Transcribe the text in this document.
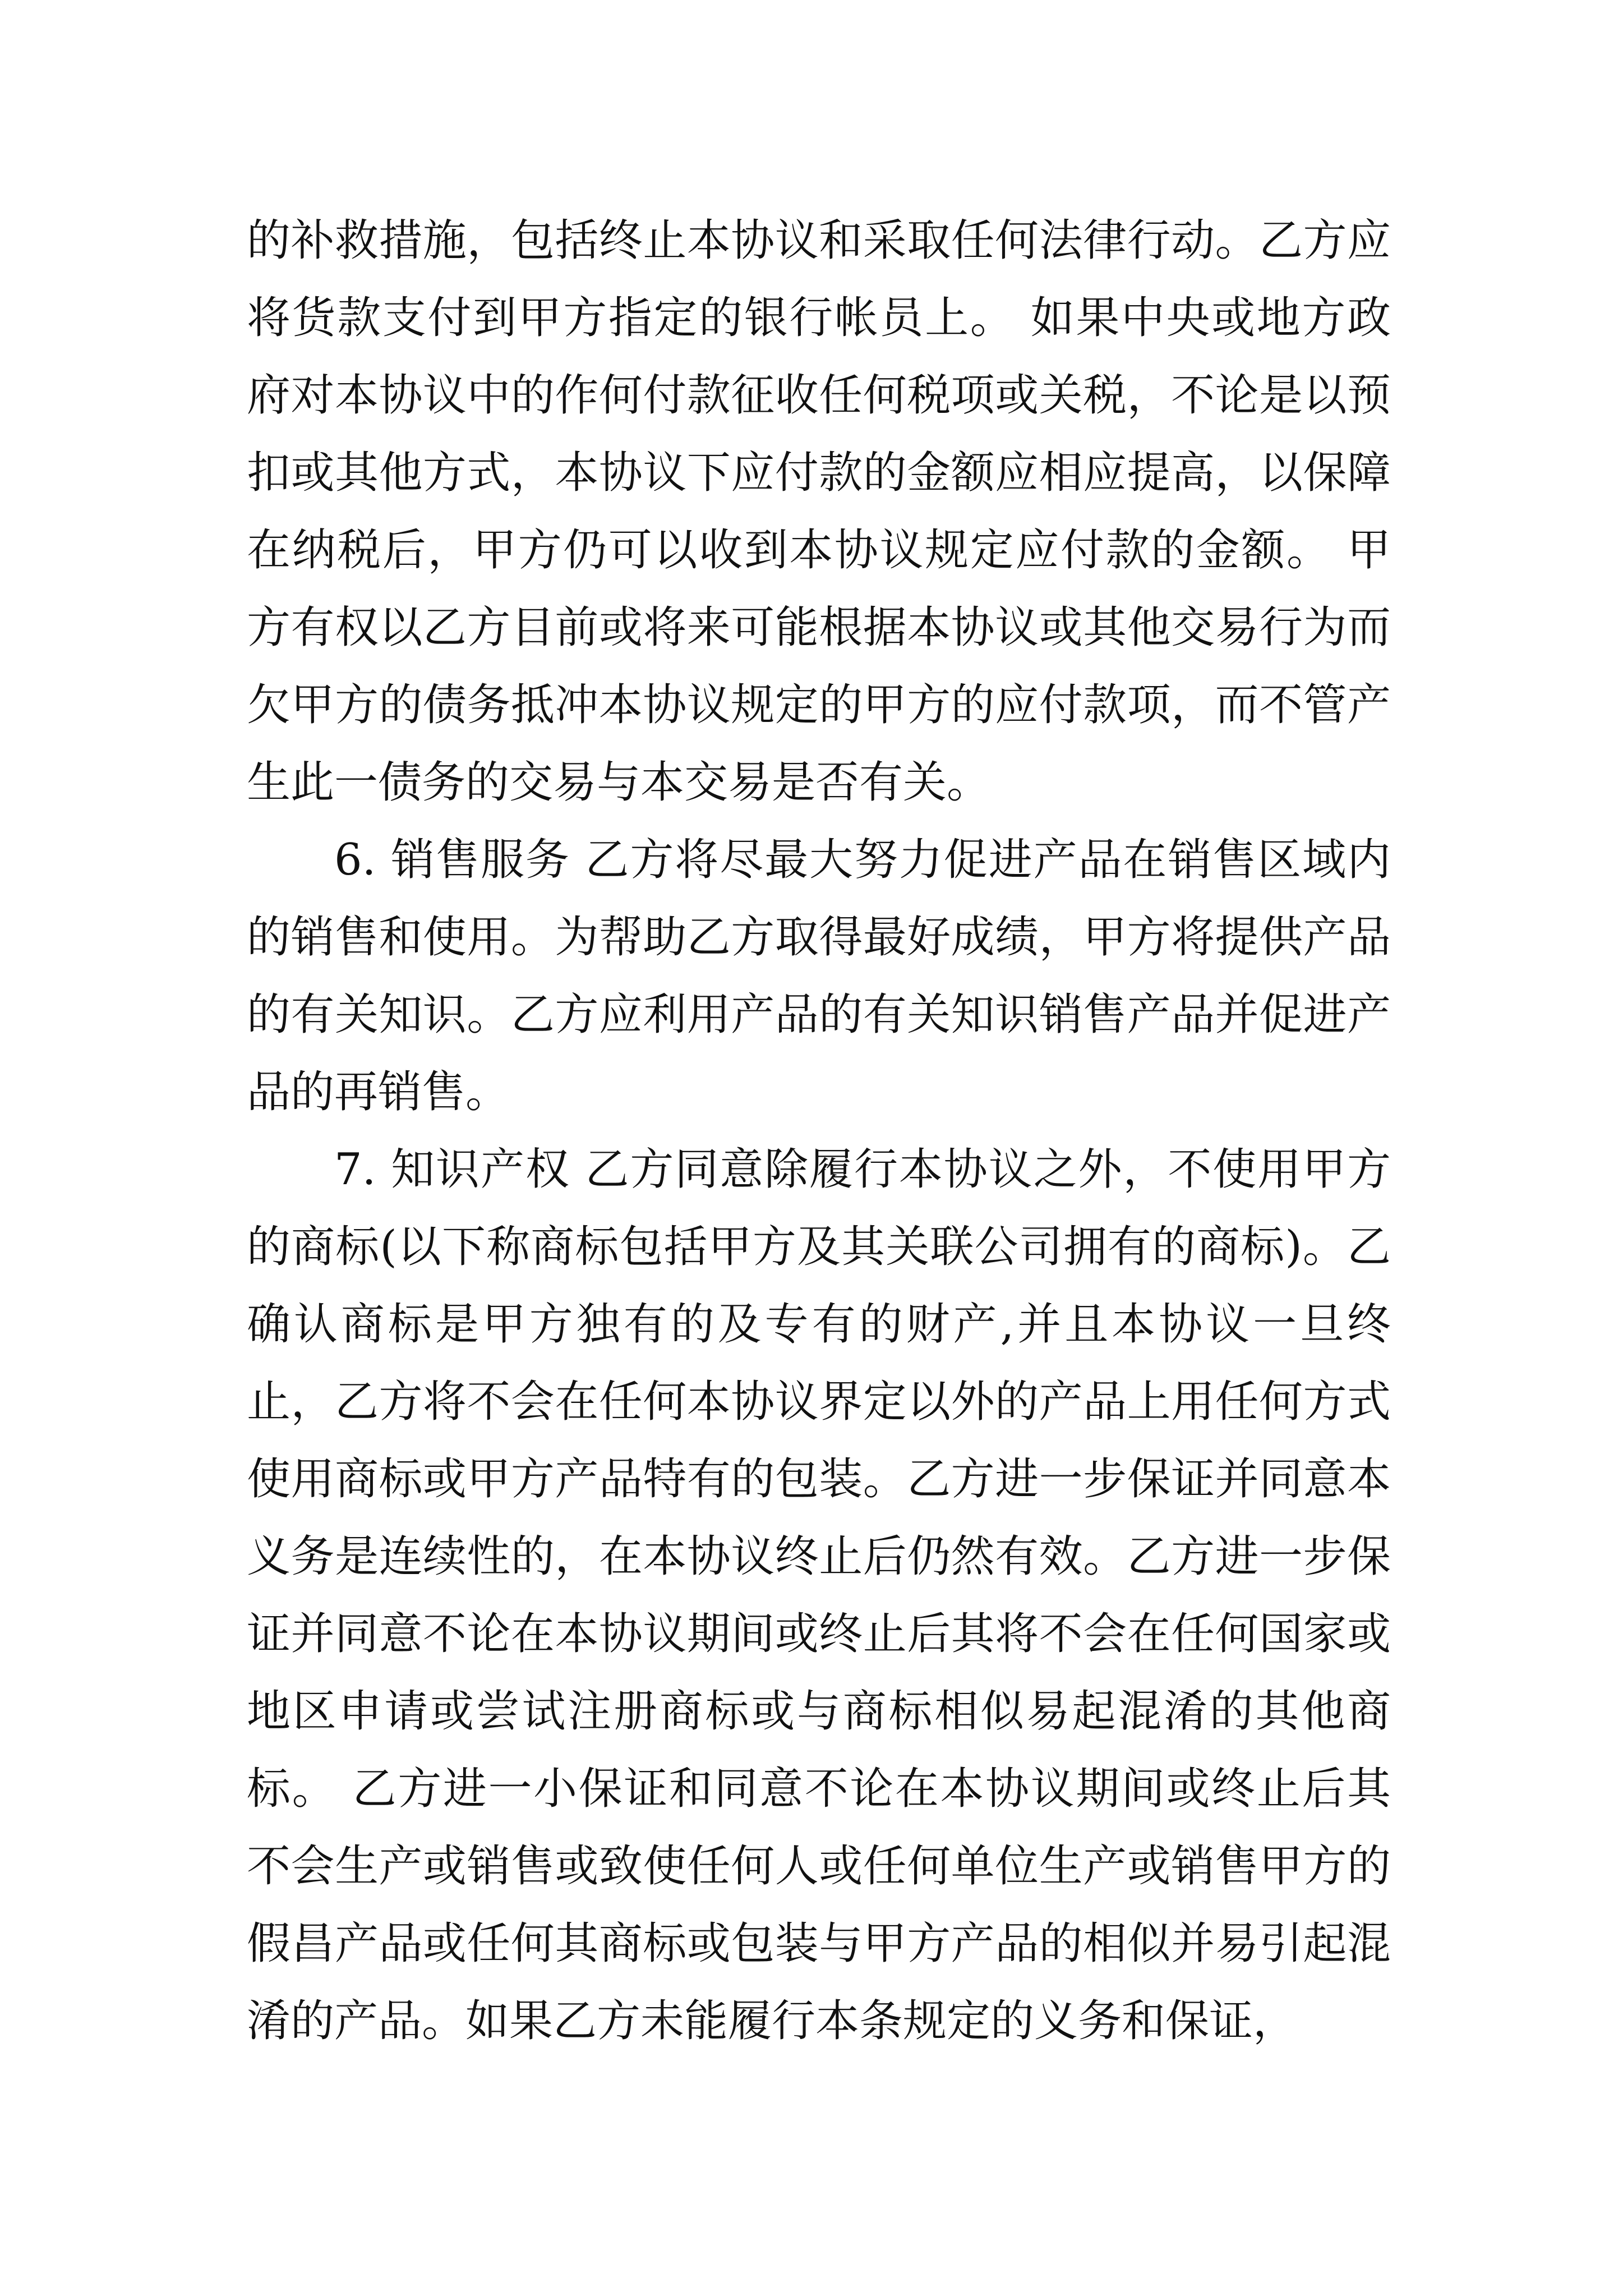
的补救措施，包括终止本协议和采取任何法律行动。乙方应将货款支付到甲方指定的银行帐员上。 如果中央或地方政府对本协议中的作何付款征收任何税项或关税，不论是以预扣或其他方式，本协议下应付款的金额应相应提高，以保障在纳税后，甲方仍可以收到本协议规定应付款的金额。 甲方有权以乙方目前或将来可能根据本协议或其他交易行为而欠甲方的债务抵冲本协议规定的甲方的应付款项，而不管产生此一债务的交易与本交易是否有关。

6. 销售服务 乙方将尽最大努力促进产品在销售区域内的销售和使用。为帮助乙方取得最好成绩，甲方将提供产品的有关知识。乙方应利用产品的有关知识销售产品并促进产品的再销售。

7. 知识产权 乙方同意除履行本协议之外，不使用甲方的商标(以下称商标包括甲方及其关联公司拥有的商标)。乙确认商标是甲方独有的及专有的财产,并且本协议一旦终止，乙方将不会在任何本协议界定以外的产品上用任何方式使用商标或甲方产品特有的包装。乙方进一步保证并同意本义务是连续性的，在本协议终止后仍然有效。乙方进一步保证并同意不论在本协议期间或终止后其将不会在任何国家或地区申请或尝试注册商标或与商标相似易起混淆的其他商标。 乙方进一小保证和同意不论在本协议期间或终止后其不会生产或销售或致使任何人或任何单位生产或销售甲方的假昌产品或任何其商标或包装与甲方产品的相似并易引起混淆的产品。如果乙方未能履行本条规定的义务和保证，
